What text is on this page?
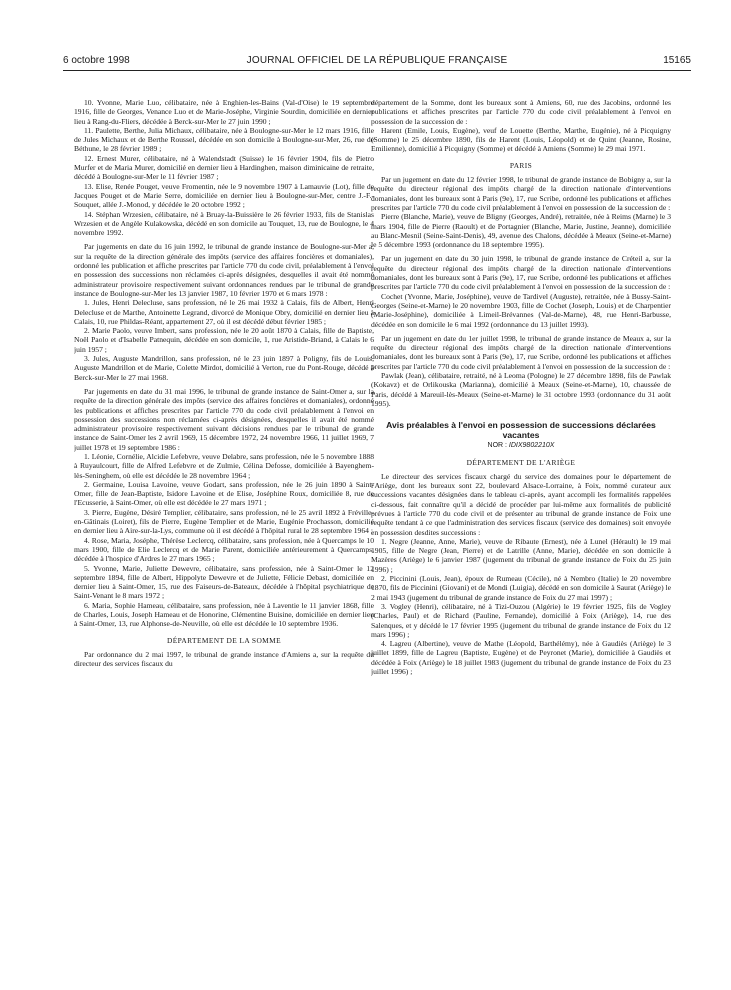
6 octobre 1998	JOURNAL OFFICIEL DE LA RÉPUBLIQUE FRANÇAISE	15165

10. Yvonne, Marie Luo, célibataire, née à Enghien-les-Bains (Val-d'Oise) le 19 septembre 1916, fille de Georges, Venance Luo et de Marie-Joséphe, Virginie Sourdin, domiciliée en dernier lieu à Rang-du-Fliers, décédée à Berck-sur-Mer le 27 juin 1990 ;

11. Paulette, Berthe, Julia Michaux, célibataire, née à Boulogne-sur-Mer le 12 mars 1916, fille de Jules Michaux et de Berthe Roussel, décédée en son domicile à Boulogne-sur-Mer, 26, rue de Béthune, le 28 février 1989 ;

12. Ernest Murer, célibataire, né à Walendstadt (Suisse) le 16 février 1904, fils de Pietro Murfer et de Maria Murer, domicilié en dernier lieu à Hardinghen, maison diminicaine de retraite, décédé à Boulogne-sur-Mer le 11 février 1987 ;

13. Elise, Renée Pouget, veuve Fromentin, née le 9 novembre 1907 à Lamauvie (Lot), fille de Jacques Pouget et de Marie Serre, domiciliée en dernier lieu à Boulogne-sur-Mer, centre J.-F.-Souquet, allée J.-Monod, y décédée le 20 octobre 1992 ;

14. Stéphan Wrzesien, célibataire, né à Bruay-la-Buissière le 26 février 1933, fils de Stanislas Wrzesien et de Angèle Kulakowska, décédé en son domicile au Touquet, 13, rue de Boulogne, le 4 novembre 1992.

Par jugements en date du 16 juin 1992, le tribunal de grande instance de Boulogne-sur-Mer a, sur la requête de la direction générale des impôts (service des affaires foncières et domaniales), ordonné les publication et affiche prescrites par l'article 770 du code civil, préalablement à l'envoi en possession des successions non réclamées ci-après désignées, desquelles il avait été nommé administrateur provisoire respectivement suivant ordonnances rendues par le tribunal de grande instance de Boulogne-sur-Mer les 13 janvier 1987, 10 février 1970 et 6 mars 1978 :

1. Jules, Henri Delecluse, sans profession, né le 26 mai 1932 à Calais, fils de Albert, Henri Delecluse et de Marthe, Antoinette Legrand, divorcé de Monique Obry, domicilié en dernier lieu à Calais, 10, rue Phildas-Réant, appartement 27, où il est décédé début février 1985 ;

2. Marie Paolo, veuve Imbert, sans profession, née le 20 août 1870 à Calais, fille de Baptiste, Noël Paolo et d'Isabelle Patnequin, décédée en son domicile, 1, rue Aristide-Briand, à Calais le 6 juin 1957 ;

3. Jules, Auguste Mandrillon, sans profession, né le 23 juin 1897 à Poligny, fils de Louis, Auguste Mandrillon et de Marie, Colette Mirdot, domicilié à Verton, rue du Pont-Rouge, décédé à Berck-sur-Mer le 27 mai 1968.

Par jugements en date du 31 mai 1996, le tribunal de grande instance de Saint-Omer a, sur la requête de la direction générale des impôts (service des affaires foncières et domaniales), ordonné les publications et affiches prescrites par l'article 770 du code civil préalablement à l'envoi en possession des successions non réclamées ci-après désignées, desquelles il avait été nommé administrateur provisoire respectivement suivant décisions rendues par le tribunal de grande instance de Saint-Omer les 2 avril 1969, 15 décembre 1972, 24 novembre 1966, 11 juillet 1969, 7 juillet 1978 et 19 septembre 1986 :

1. Léonie, Cornélie, Alcidie Lefebvre, veuve Delabre, sans profession, née le 5 novembre 1888 à Ruyaulcourt, fille de Alfred Lefebvre et de Zulmie, Célina Defosse, domiciliée à Bayenghem-lès-Seninghem, où elle est décédée le 28 novembre 1964 ;

2. Germaine, Louisa Lavoine, veuve Godart, sans profession, née le 26 juin 1890 à Saint-Omer, fille de Jean-Baptiste, Isidore Lavoine et de Elise, Joséphine Roux, domiciliée 8, rue de l'Ecusserie, à Saint-Omer, où elle est décédée le 27 mars 1971 ;

3. Pierre, Eugène, Désiré Templier, célibataire, sans profession, né le 25 avril 1892 à Fréville-en-Gâtinais (Loiret), fils de Pierre, Eugène Templier et de Marie, Eugénie Prochasson, domicilié en dernier lieu à Aire-sur-la-Lys, commune où il est décédé à l'hôpital rural le 28 septembre 1964 ;

4. Rose, Maria, Joséphe, Thérèse Leclercq, célibataire, sans profession, née à Quercamps le 10 mars 1900, fille de Elie Leclercq et de Marie Parent, domiciliée antérieurement à Quercamps, décédée à l'hospice d'Ardres le 27 mars 1965 ;

5. Yvonne, Marie, Juliette Dewevre, célibataire, sans profession, née à Saint-Omer le 12 septembre 1894, fille de Albert, Hippolyte Dewevre et de Juliette, Félicie Debast, domiciliée en dernier lieu à Saint-Omer, 15, rue des Faiseurs-de-Bateaux, décédée à l'hôpital psychiatrique de Saint-Venant le 8 mars 1972 ;

6. Maria, Sophie Hameau, célibataire, sans profession, née à Laventie le 11 janvier 1868, fille de Charles, Louis, Joseph Hameau et de Honorine, Clémentine Buisine, domiciliée en dernier lieu à Saint-Omer, 13, rue Alphonse-de-Neuville, où elle est décédée le 10 septembre 1936.

DÉPARTEMENT DE LA SOMME

Par ordonnance du 2 mai 1997, le tribunal de grande instance d'Amiens a, sur la requête du directeur des services fiscaux du

département de la Somme, dont les bureaux sont à Amiens, 60, rue des Jacobins, ordonné les publications et affiches prescrites par l'article 770 du code civil préalablement à l'envoi en possession de la succession de :

Harent (Emile, Louis, Eugène), veuf de Louette (Berthe, Marthe, Eugénie), né à Picquigny (Somme) le 25 décembre 1890, fils de Harent (Louis, Léopold) et de Quint (Jeanne, Rosine, Emilienne), domicilié à Picquigny (Somme) et décédé à Amiens (Somme) le 29 mai 1971.

PARIS

Par un jugement en date du 12 février 1998, le tribunal de grande instance de Bobigny a, sur la requête du directeur régional des impôts chargé de la direction nationale d'interventions domaniales, dont les bureaux sont à Paris (9e), 17, rue Scribe, ordonné les publications et affiches prescrites par l'article 770 du code civil préalablement à l'envoi en possession de la succession de :

Pierre (Blanche, Marie), veuve de Bligny (Georges, André), retraitée, née à Reims (Marne) le 3 mars 1904, fille de Pierre (Raoult) et de Portagnier (Blanche, Marie, Justine, Jeanne), domiciliée au Blanc-Mesnil (Seine-Saint-Denis), 49, avenue des Chalons, décédée à Meaux (Seine-et-Marne) le 5 décembre 1993 (ordonnance du 18 septembre 1995).

Par un jugement en date du 30 juin 1998, le tribunal de grande instance de Créteil a, sur la requête du directeur régional des impôts chargé de la direction nationale d'interventions domaniales, dont les bureaux sont à Paris (9e), 17, rue Scribe, ordonné les publications et affiches prescrites par l'article 770 du code civil préalablement à l'envoi en possession de la succession de :

Cochet (Yvonne, Marie, Joséphine), veuve de Tardivel (Auguste), retraitée, née à Bussy-Saint-Georges (Seine-et-Marne) le 20 novembre 1903, fille de Cochet (Joseph, Louis) et de Charpentier (Marie-Joséphine), domiciliée à Limeil-Brévannes (Val-de-Marne), 48, rue Henri-Barbusse, décédée en son domicile le 6 mai 1992 (ordonnance du 13 juillet 1993).

Par un jugement en date du 1er juillet 1998, le tribunal de grande instance de Meaux a, sur la requête du directeur régional des impôts chargé de la direction nationale d'interventions domaniales, dont les bureaux sont à Paris (9e), 17, rue Scribe, ordonné les publications et affiches prescrites par l'article 770 du code civil préalablement à l'envoi en possession de la succession de :

Pawlak (Jean), célibataire, retraité, né à Leoma (Pologne) le 27 décembre 1898, fils de Pawlak (Kokavz) et de Orlikouska (Marianna), domicilié à Meaux (Seine-et-Marne), 10, chaussée de Paris, décédé à Mareuil-lès-Meaux (Seine-et-Marne) le 31 octobre 1993 (ordonnance du 31 août 1995).

Avis préalables à l'envoi en possession de successions déclarées vacantes
NOR : IDIX9802210X
DÉPARTEMENT DE L'ARIÈGE

Le directeur des services fiscaux chargé du service des domaines pour le département de l'Ariège, dont les bureaux sont 22, boulevard Alsace-Lorraine, à Foix, nommé curateur aux successions vacantes désignées dans le tableau ci-après, ayant accompli les formalités rappelées ci-dessous, fait connaître qu'il a décidé de procéder par lui-même aux formalités de publicité prévues à l'article 770 du code civil et de présenter au tribunal de grande instance de Foix une requête tendant à ce que l'administration des services fiscaux (service des domaines) soit envoyée en possession desdites successions :

1. Negre (Jeanne, Anne, Marie), veuve de Ribaute (Ernest), née à Lunel (Hérault) le 19 mai 1905, fille de Negre (Jean, Pierre) et de Latrille (Anne, Marie), décédée en son domicile à Mazères (Ariège) le 6 janvier 1987 (jugement du tribunal de grande instance de Foix du 25 juin 1996) ;

2. Piccinini (Louis, Jean), époux de Rumeau (Cécile), né à Nembro (Italie) le 20 novembre 1870, fils de Piccinini (Giovani) et de Mondi (Luigia), décédé en son domicile à Saurat (Ariège) le 2 mai 1943 (jugement du tribunal de grande instance de Foix du 27 mai 1997) ;

3. Vogley (Henri), célibataire, né à Tizi-Ouzou (Algérie) le 19 février 1925, fils de Vogley (Charles, Paul) et de Richard (Pauline, Fernande), domicilié à Foix (Ariège), 14, rue des Salenques, et y décédé le 17 février 1995 (jugement du tribunal de grande instance de Foix du 12 mars 1996) ;

4. Lagreu (Albertine), veuve de Mathe (Léopold, Barthélémy), née à Gaudiès (Ariège) le 3 juillet 1899, fille de Lagreu (Baptiste, Eugène) et de Peyronet (Marie), domiciliée à Gaudiès et décédée à Foix (Ariège) le 18 juillet 1983 (jugement du tribunal de grande instance de Foix du 23 juillet 1996) ;
